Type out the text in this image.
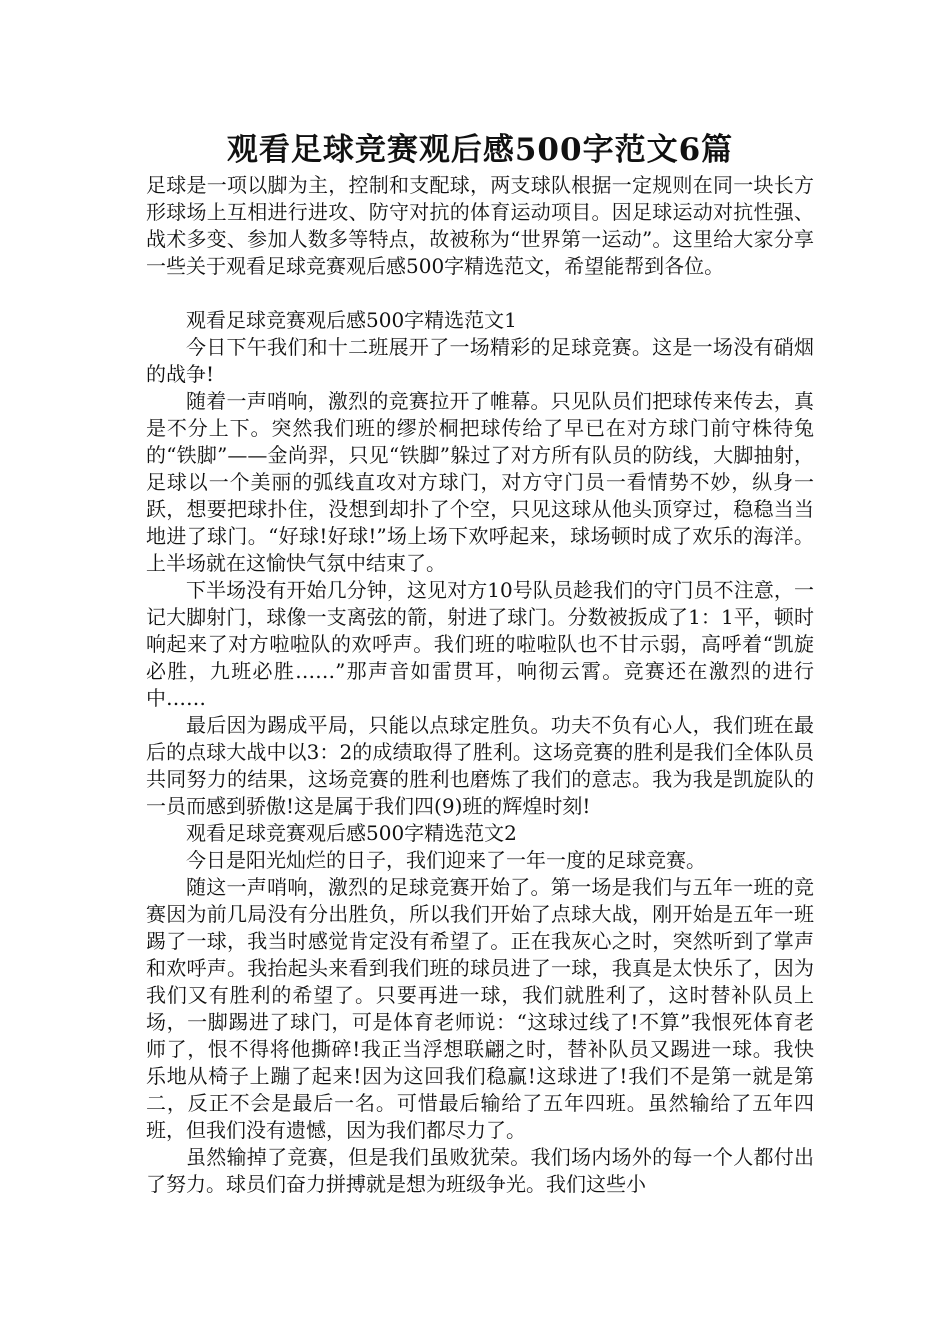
观看足球竞赛观后感500字范文6篇

足球是一项以脚为主，控制和支配球，两支球队根据一定规则在同一块长方形球场上互相进行进攻、防守对抗的体育运动项目。因足球运动对抗性强、战术多变、参加人数多等特点，故被称为“世界第一运动”。这里给大家分享一些关于观看足球竞赛观后感500字精选范文，希望能帮到各位。

观看足球竞赛观后感500字精选范文1

今日下午我们和十二班展开了一场精彩的足球竞赛。这是一场没有硝烟的战争!

随着一声哨响，激烈的竞赛拉开了帷幕。只见队员们把球传来传去，真是不分上下。突然我们班的缪於桐把球传给了早已在对方球门前守株待兔的“铁脚”——金尚羿，只见“铁脚”躲过了对方所有队员的防线，大脚抽射，足球以一个美丽的弧线直攻对方球门，对方守门员一看情势不妙，纵身一跃，想要把球扑住，没想到却扑了个空，只见这球从他头顶穿过，稳稳当当地进了球门。“好球!好球!”场上场下欢呼起来，球场顿时成了欢乐的海洋。上半场就在这愉快气氛中结束了。

下半场没有开始几分钟，这见对方10号队员趁我们的守门员不注意，一记大脚射门，球像一支离弦的箭，射进了球门。分数被扳成了1：1平，顿时响起来了对方啦啦队的欢呼声。我们班的啦啦队也不甘示弱，高呼着“凯旋必胜，九班必胜……”那声音如雷贯耳，响彻云霄。竞赛还在激烈的进行中……

最后因为踢成平局，只能以点球定胜负。功夫不负有心人，我们班在最后的点球大战中以3：2的成绩取得了胜利。这场竞赛的胜利是我们全体队员共同努力的结果，这场竞赛的胜利也磨炼了我们的意志。我为我是凯旋队的一员而感到骄傲!这是属于我们四(9)班的辉煌时刻!

观看足球竞赛观后感500字精选范文2

今日是阳光灿烂的日子，我们迎来了一年一度的足球竞赛。

随这一声哨响，激烈的足球竞赛开始了。第一场是我们与五年一班的竞赛因为前几局没有分出胜负，所以我们开始了点球大战，刚开始是五年一班踢了一球，我当时感觉肯定没有希望了。正在我灰心之时，突然听到了掌声和欢呼声。我抬起头来看到我们班的球员进了一球，我真是太快乐了，因为我们又有胜利的希望了。只要再进一球，我们就胜利了，这时替补队员上场，一脚踢进了球门，可是体育老师说：“这球过线了!不算”我恨死体育老师了，恨不得将他撕碎!我正当浮想联翩之时，替补队员又踢进一球。我快乐地从椅子上蹦了起来!因为这回我们稳赢!这球进了!我们不是第一就是第二，反正不会是最后一名。可惜最后输给了五年四班。虽然输给了五年四班，但我们没有遗憾，因为我们都尽力了。

虽然输掉了竞赛，但是我们虽败犹荣。我们场内场外的每一个人都付出了努力。球员们奋力拼搏就是想为班级争光。我们这些小
